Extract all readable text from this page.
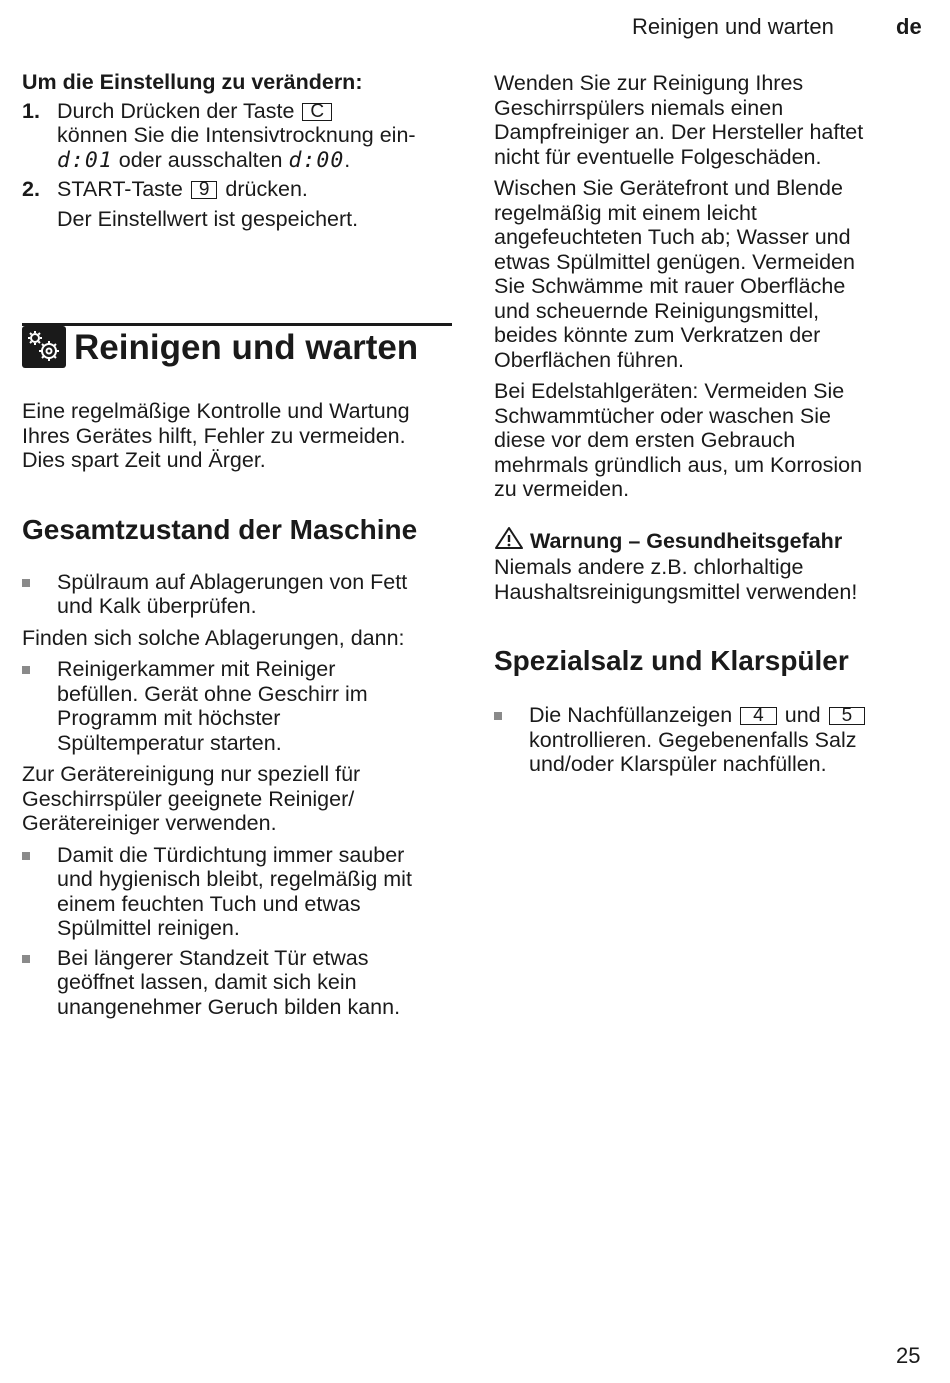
Reinigen und warten	de

Um die Einstellung zu verändern:

1. Durch Drücken der Taste C
können Sie die Intensivtrocknung ein-
d:01 oder ausschalten d:00.
2. START-Taste 9 drücken.
Der Einstellwert ist gespeichert.
Reinigen und warten
Eine regelmäßige Kontrolle und Wartung
Ihres Gerätes hilft, Fehler zu vermeiden.
Dies spart Zeit und Ärger.
Gesamtzustand der Maschine
Spülraum auf Ablagerungen von Fett
und Kalk überprüfen.

Finden sich solche Ablagerungen, dann:

Reinigerkammer mit Reiniger
befüllen. Gerät ohne Geschirr im
Programm mit höchster
Spültemperatur starten.
Zur Gerätereinigung nur speziell für
Geschirrspüler geeignete Reiniger/
Gerätereiniger verwenden.
Damit die Türdichtung immer sauber
und hygienisch bleibt, regelmäßig mit
einem feuchten Tuch und etwas
Spülmittel reinigen.
Bei längerer Standzeit Tür etwas
geöffnet lassen, damit sich kein
unangenehmer Geruch bilden kann.
Wenden Sie zur Reinigung Ihres
Geschirrspülers niemals einen
Dampfreiniger an. Der Hersteller haftet
nicht für eventuelle Folgeschäden.
Wischen Sie Gerätefront und Blende
regelmäßig mit einem leicht
angefeuchteten Tuch ab; Wasser und
etwas Spülmittel genügen. Vermeiden
Sie Schwämme mit rauer Oberfläche
und scheuernde Reinigungsmittel,
beides könnte zum Verkratzen der
Oberflächen führen.
Bei Edelstahlgeräten: Vermeiden Sie
Schwammtücher oder waschen Sie
diese vor dem ersten Gebrauch
mehrmals gründlich aus, um Korrosion
zu vermeiden.
Warnung – Gesundheitsgefahr
Niemals andere z.B. chlorhaltige
Haushaltsreinigungsmittel verwenden!
Spezialsalz und Klarspüler
Die Nachfüllanzeigen 4 und 5
kontrollieren. Gegebenenfalls Salz
und/oder Klarspüler nachfüllen.
25
